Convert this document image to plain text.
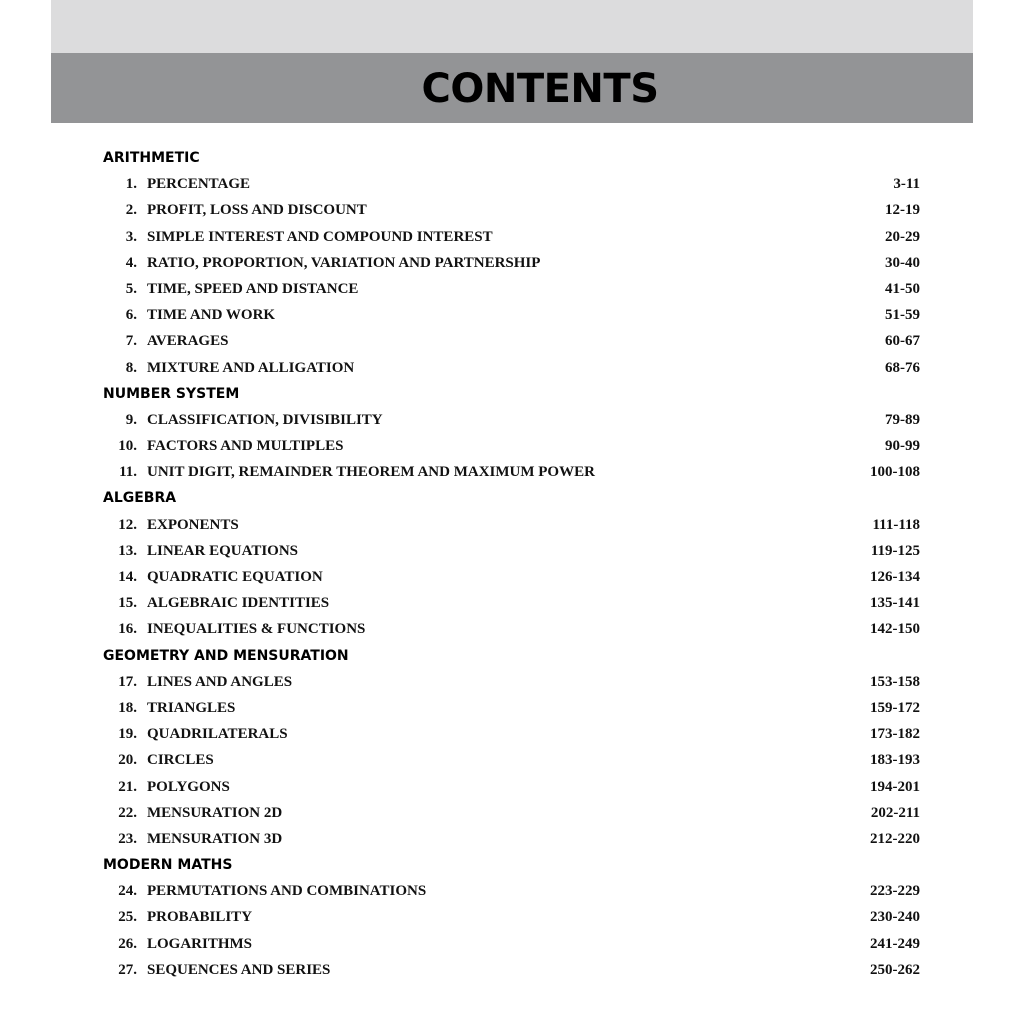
CONTENTS
ARITHMETIC
1. PERCENTAGE	3-11
2. PROFIT, LOSS AND DISCOUNT	12-19
3. SIMPLE INTEREST AND COMPOUND INTEREST	20-29
4. RATIO, PROPORTION, VARIATION AND PARTNERSHIP	30-40
5. TIME, SPEED AND DISTANCE	41-50
6. TIME AND WORK	51-59
7. AVERAGES	60-67
8. MIXTURE AND ALLIGATION	68-76
NUMBER SYSTEM
9. CLASSIFICATION, DIVISIBILITY	79-89
10. FACTORS AND MULTIPLES	90-99
11. UNIT DIGIT, REMAINDER THEOREM AND MAXIMUM POWER	100-108
ALGEBRA
12. EXPONENTS	111-118
13. LINEAR EQUATIONS	119-125
14. QUADRATIC EQUATION	126-134
15. ALGEBRAIC IDENTITIES	135-141
16. INEQUALITIES & FUNCTIONS	142-150
GEOMETRY AND MENSURATION
17. LINES AND ANGLES	153-158
18. TRIANGLES	159-172
19. QUADRILATERALS	173-182
20. CIRCLES	183-193
21. POLYGONS	194-201
22. MENSURATION 2D	202-211
23. MENSURATION 3D	212-220
MODERN MATHS
24. PERMUTATIONS AND COMBINATIONS	223-229
25. PROBABILITY	230-240
26. LOGARITHMS	241-249
27. SEQUENCES AND SERIES	250-262
